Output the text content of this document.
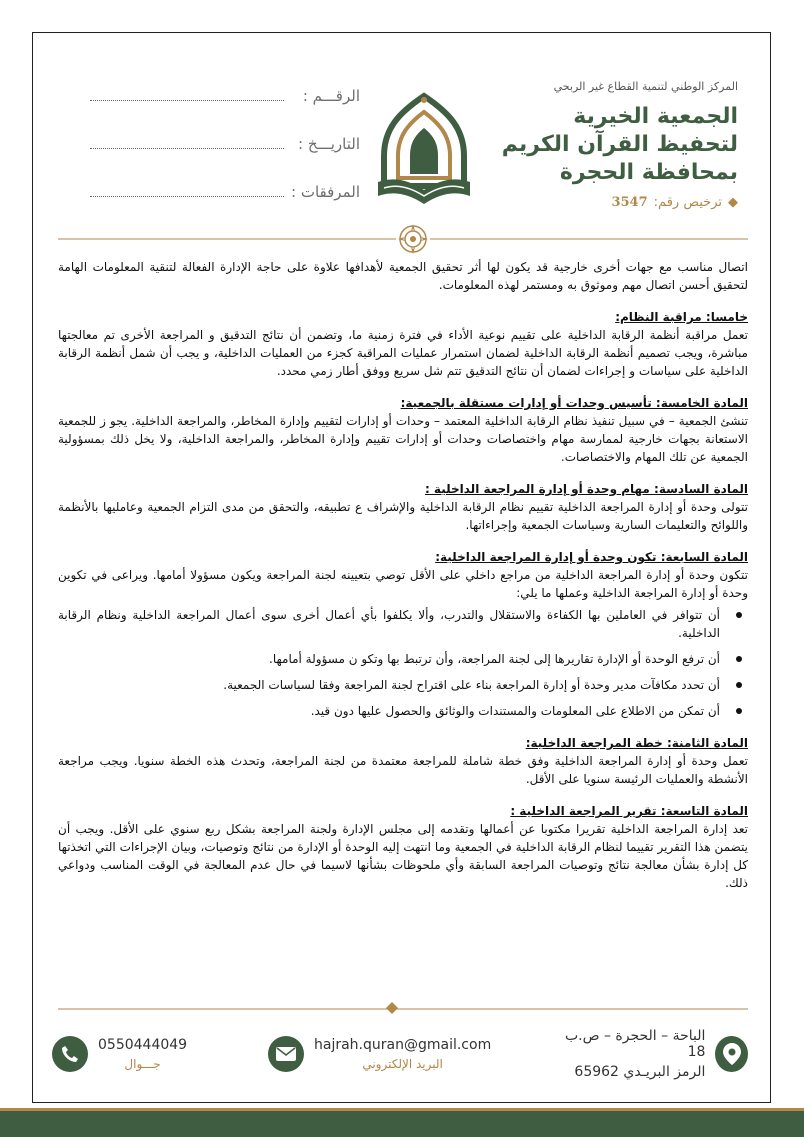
الرقـــم :
التاريـــخ :
المرفقات :
المركز الوطني لتنمية القطاع غير الربحي
الجمعية الخيرية
لتحفيظ القرآن الكريم
بمحافظة الحجرة
◆
ترخيص رقم:
3547

اتصال مناسب مع جهات أخرى خارجية قد يكون لها أثر تحقيق الجمعية لأهدافها علاوة على حاجة الإدارة الفعالة لتنقية المعلومات الهامة لتحقيق أحسن اتصال مهم وموثوق به ومستمر لهذه المعلومات.

خامسا: مراقبة النظام:

تعمل مراقبة أنظمة الرقابة الداخلية على تقييم نوعية الأداء في فترة زمنية ما، وتضمن أن نتائج التدقيق و المراجعة الأخرى تم معالجتها مباشرة، ويجب تصميم أنظمة الرقابة الداخلية لضمان استمرار عمليات المراقبة كجزء من العمليات الداخلية، و يجب أن شمل أنظمة الرقابة الداخلية على سياسات و إجراءات لضمان أن نتائج التدقيق تتم شل سريع ووفق أطار زمي محدد.

المادة الخامسة: تأسيس وحدات أو إدارات مستقلة بالجمعية:

تنشئ الجمعية – في سبيل تنفيذ نظام الرقابة الداخلية المعتمد – وحدات أو إدارات لتقييم وإدارة المخاطر، والمراجعة الداخلية. يجو ز للجمعية الاستعانة بجهات خارجية لممارسة مهام واختصاصات وحدات أو إدارات تقييم وإدارة المخاطر، والمراجعة الداخلية، ولا يخل ذلك بمسؤولية الجمعية عن تلك المهام والاختصاصات.

المادة السادسة: مهام وحدة أو إدارة المراجعة الداخلية :

تتولى وحدة أو إدارة المراجعة الداخلية تقييم نظام الرقابة الداخلية والإشراف ع تطبيقه، والتحقق من مدى التزام الجمعية وعامليها بالأنظمة واللوائح والتعليمات السارية وسياسات الجمعية وإجراءاتها.

المادة السابعة: تكون وحدة أو إدارة المراجعة الداخلية:

تتكون وحدة أو إدارة المراجعة الداخلية من مراجع داخلي على الأقل توصي بتعيينه لجنة المراجعة ويكون مسؤولا أمامها. ويراعى في تكوين وحدة أو إدارة المراجعة الداخلية وعملها ما يلي:

أن تتوافر في العاملين بها الكفاءة والاستقلال والتدرب، وألا يكلفوا بأي أعمال أخرى سوى أعمال المراجعة الداخلية ونظام الرقابة الداخلية.
أن ترفع الوحدة أو الإدارة تقاريرها إلى لجنة المراجعة، وأن ترتبط بها وتكو ن مسؤولة أمامها.
أن تحدد مكافآت مدير وحدة أو إدارة المراجعة بناء على اقتراح لجنة المراجعة وفقا لسياسات الجمعية.
أن تمكن من الاطلاع على المعلومات والمستندات والوثائق والحصول عليها دون قيد.

المادة الثامنة: خطة المراجعة الداخلية:

تعمل وحدة أو إدارة المراجعة الداخلية وفق خطة شاملة للمراجعة معتمدة من لجنة المراجعة، وتحدث هذه الخطة سنويا. ويجب مراجعة الأنشطة والعمليات الرئيسة سنويا على الأقل.

المادة التاسعة: تقرير المراجعة الداخلية :

تعد إدارة المراجعة الداخلية تقريرا مكتوبا عن أعمالها وتقدمه إلى مجلس الإدارة ولجنة المراجعة بشكل ربع سنوي على الأقل. ويجب أن يتضمن هذا التقرير تقييما لنظام الرقابة الداخلية في الجمعية وما انتهت إليه الوحدة أو الإدارة من نتائج وتوصيات، وبيان الإجراءات التي اتخذتها كل إدارة بشأن معالجة نتائج وتوصيات المراجعة السابقة وأي ملحوظات بشأنها لاسيما في حال عدم المعالجة في الوقت المناسب ودواعي ذلك.

الباحة – الحجرة – ص.ب 18
الرمز البريـدي 65962
hajrah.quran@gmail.com
البريد الإلكتروني
0550444049
جـــوال
